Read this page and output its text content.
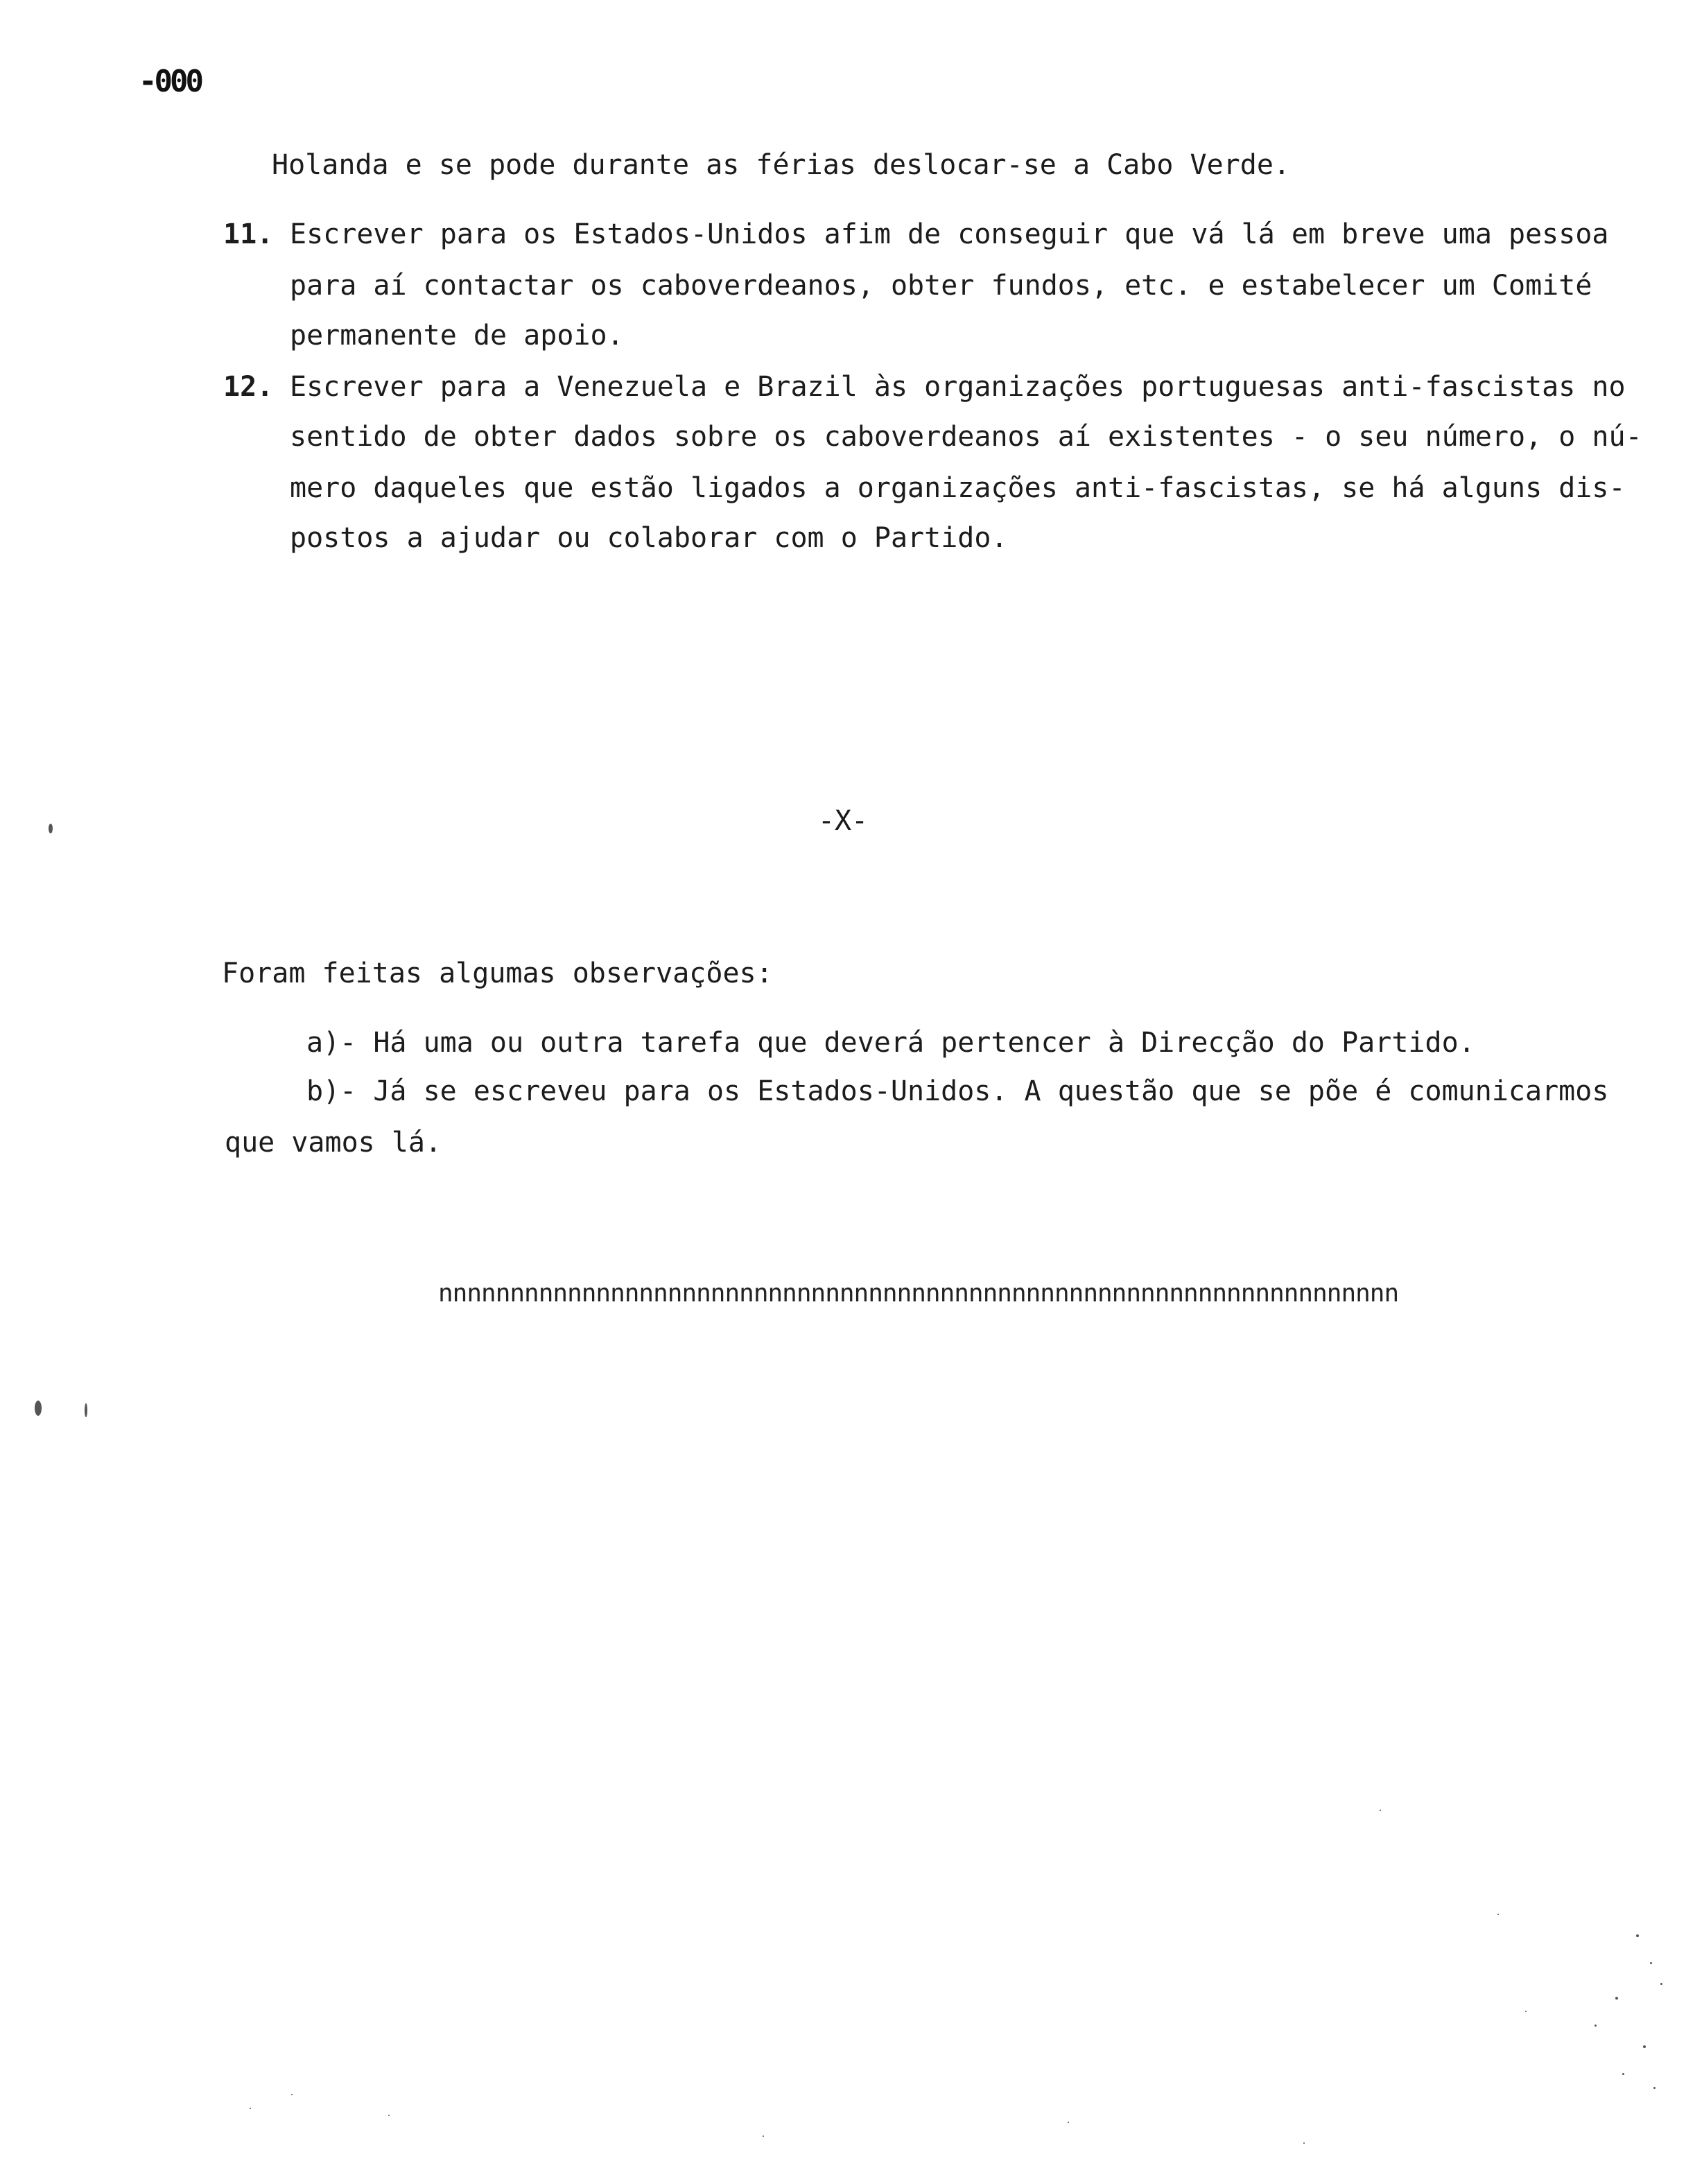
-000
Holanda e se pode durante as férias deslocar-se a Cabo Verde.
11. Escrever para os Estados-Unidos afim de conseguir que vá lá em breve uma pessoa
para aí contactar os caboverdeanos, obter fundos, etc. e estabelecer um Comité
permanente de apoio.
12. Escrever para a Venezuela e Brazil às organizações portuguesas anti-fascistas no
sentido de obter dados sobre os caboverdeanos aí existentes - o seu número, o nú-
mero daqueles que estão ligados a organizações anti-fascistas, se há alguns dis-
postos a ajudar ou colaborar com o Partido.
-X-
Foram feitas algumas observações:
a)- Há uma ou outra tarefa que deverá pertencer à Direcção do Partido.
b)- Já se escreveu para os Estados-Unidos. A questão que se põe é comunicarmos
que vamos lá.
nnnnnnnnnnnnnnnnnnnnnnnnnnnnnnnnnnnnnnnnnnnnnnnnnnnnnnnnnnnnnnnnnnn
